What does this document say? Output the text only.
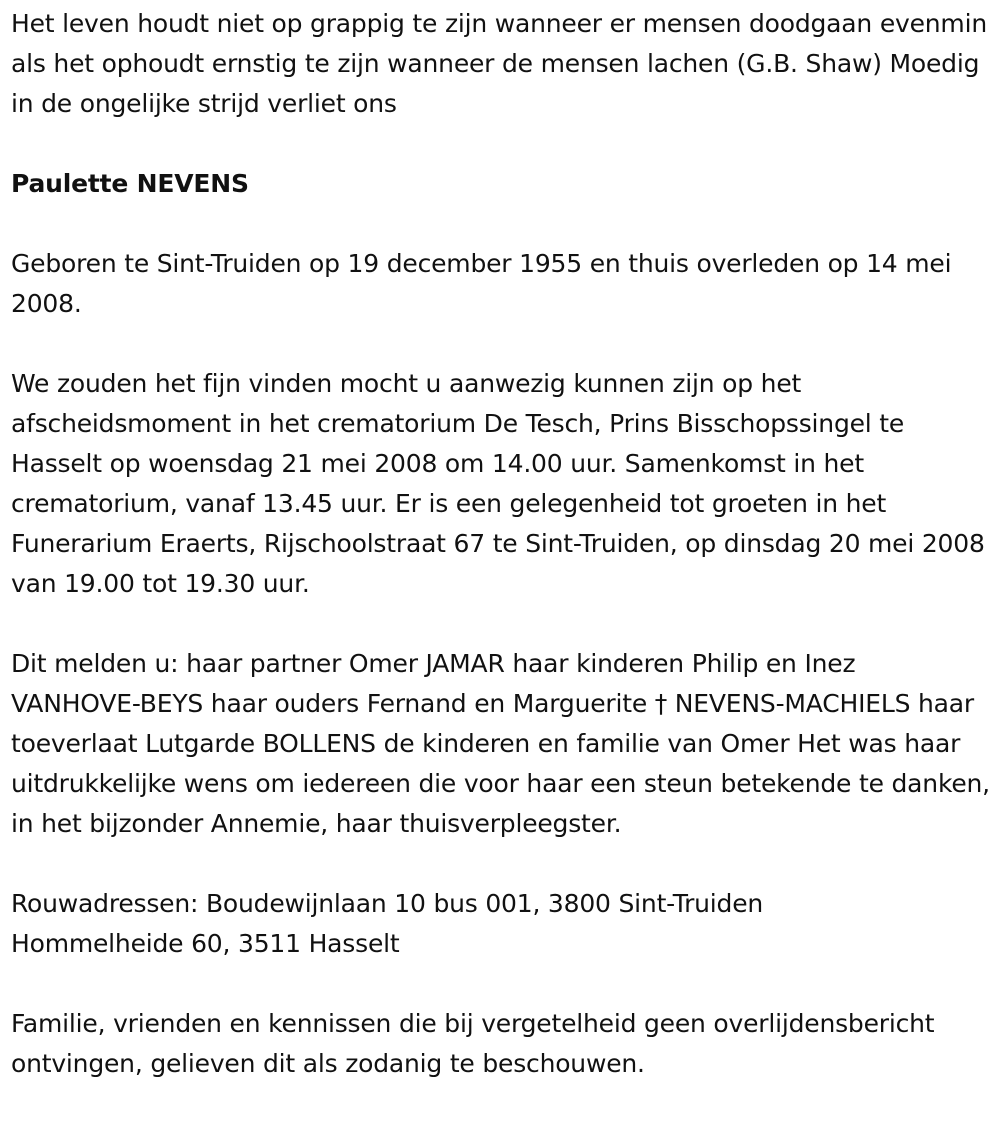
Het leven houdt niet op grappig te zijn wanneer er mensen doodgaan evenmin als het ophoudt ernstig te zijn wanneer de mensen lachen (G.B. Shaw) Moedig in de ongelijke strijd verliet ons

Paulette NEVENS

Geboren te Sint-Truiden op 19 december 1955 en thuis overleden op 14 mei 2008.

We zouden het fijn vinden mocht u aanwezig kunnen zijn op het afscheidsmoment in het crematorium De Tesch, Prins Bisschopssingel te Hasselt op woensdag 21 mei 2008 om 14.00 uur. Samenkomst in het crematorium, vanaf 13.45 uur. Er is een gelegenheid tot groeten in het Funerarium Eraerts, Rijschoolstraat 67 te Sint-Truiden, op dinsdag 20 mei 2008 van 19.00 tot 19.30 uur.

Dit melden u: haar partner Omer JAMAR haar kinderen Philip en Inez VANHOVE-BEYS haar ouders Fernand en Marguerite † NEVENS-MACHIELS haar toeverlaat Lutgarde BOLLENS de kinderen en familie van Omer Het was haar uitdrukkelijke wens om iedereen die voor haar een steun betekende te danken, in het bijzonder Annemie, haar thuisverpleegster.

Rouwadressen: Boudewijnlaan 10 bus 001, 3800 Sint-Truiden
Hommelheide 60, 3511 Hasselt

Familie, vrienden en kennissen die bij vergetelheid geen overlijdensbericht ontvingen, gelieven dit als zodanig te beschouwen.
